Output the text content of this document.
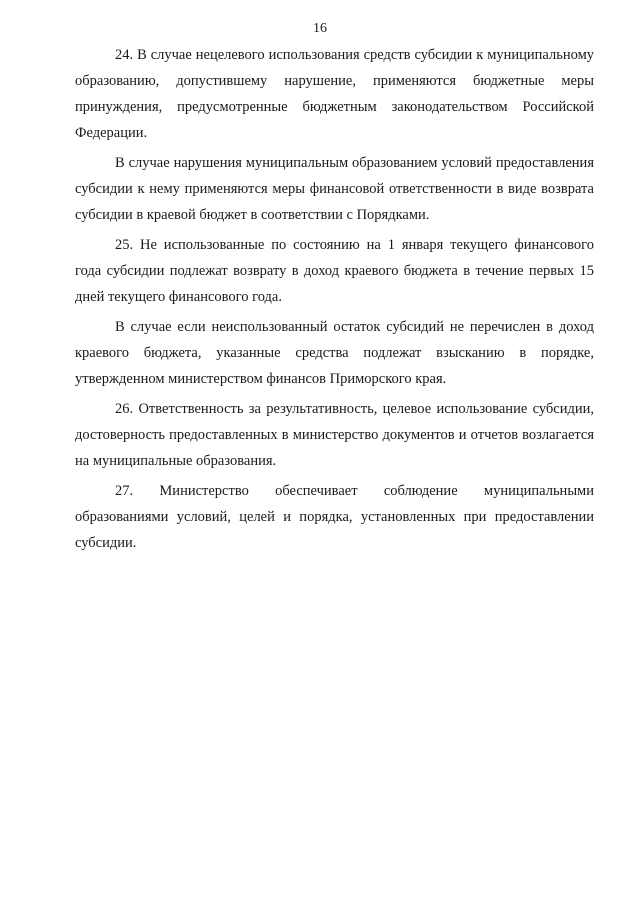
16

24. В случае нецелевого использования средств субсидии к муниципальному образованию, допустившему нарушение, применяются бюджетные меры принуждения, предусмотренные бюджетным законодательством Российской Федерации.

В случае нарушения муниципальным образованием условий предоставления субсидии к нему применяются меры финансовой ответственности в виде возврата субсидии в краевой бюджет в соответствии с Порядками.

25. Не использованные по состоянию на 1 января текущего финансового года субсидии подлежат возврату в доход краевого бюджета в течение первых 15 дней текущего финансового года.

В случае если неиспользованный остаток субсидий не перечислен в доход краевого бюджета, указанные средства подлежат взысканию в порядке, утвержденном министерством финансов Приморского края.

26. Ответственность за результативность, целевое использование субсидии, достоверность предоставленных в министерство документов и отчетов возлагается на муниципальные образования.

27. Министерство обеспечивает соблюдение муниципальными образованиями условий, целей и порядка, установленных при предоставлении субсидии.
